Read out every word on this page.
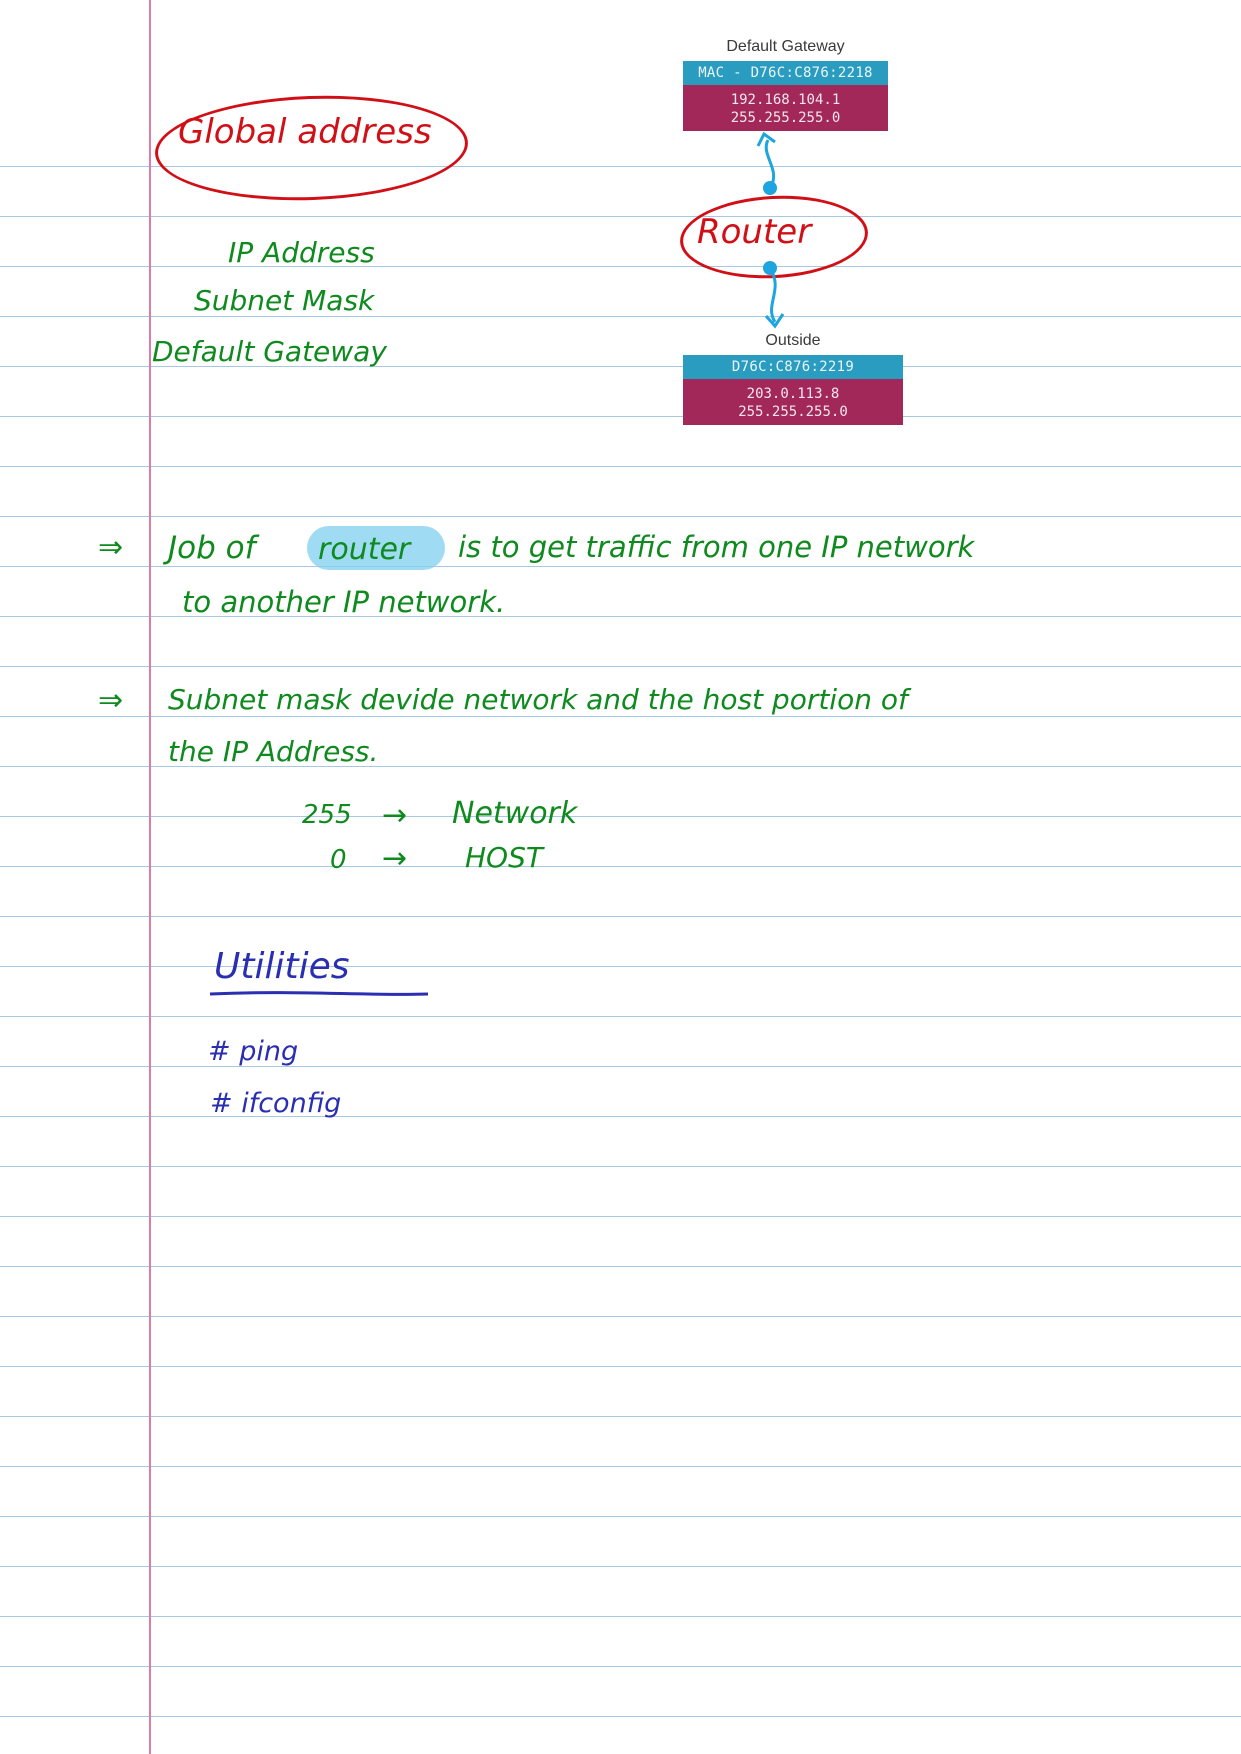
Global address
IP Address
Subnet Mask
Default Gateway
Default Gateway
MAC - D76C:C876:2218
192.168.104.1
255.255.255.0
Router
Outside
D76C:C876:2219
203.0.113.8
255.255.255.0
⇒ Job of router is to get traffic from one IP network
to another IP network.
⇒ Subnet mask devide network and the host portion of
the IP Address.
255 → Network
0 → HOST
Utilities
# ping
# ifconfig
